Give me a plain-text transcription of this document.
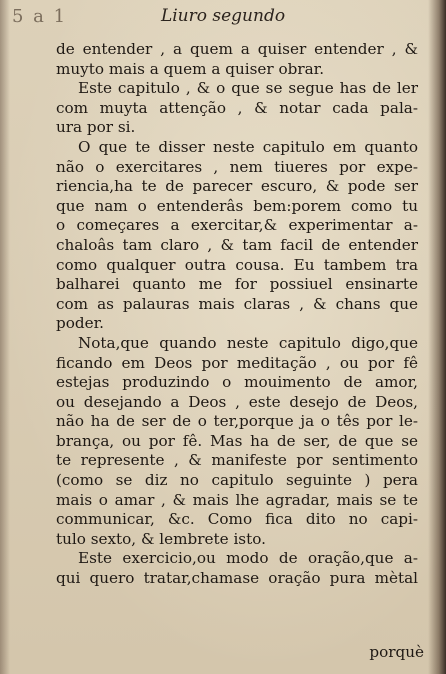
5 a 1	Liuro segundo
de entender , a quem a quiser entender , &
muyto mais a quem a quiser obrar.
Este capitulo , & o que se segue has de ler
com muyta attenção , & notar cada pala-
ura por si.
O que te disser neste capitulo em quanto
não o exercitares , nem tiueres por expe-
riencia,ha te de parecer escuro, & pode ser
que nam o entenderâs bem:porem como tu
o começares a exercitar,& experimentar a-
chaloâs tam claro , & tam facil de entender
como qualquer outra cousa. Eu tambem tra
balharei quanto me for possiuel ensinarte
com as palauras mais claras , & chans que
poder.
Nota,que quando neste capitulo digo,que
ficando em Deos por meditação , ou por fê
estejas produzindo o mouimento de amor,
ou desejando a Deos , este desejo de Deos,
não ha de ser de o ter,porque ja o tês por le-
brança, ou por fê. Mas ha de ser, de que se
te represente , & manifeste por sentimento
(como se diz no capitulo seguinte ) pera
mais o amar , & mais lhe agradar, mais se te
communicar, &c. Como fica dito no capi-
tulo sexto, & lembrete isto.
Este exercicio,ou modo de oração,que a-
qui quero tratar,chamase oração pura mètal
porquè
